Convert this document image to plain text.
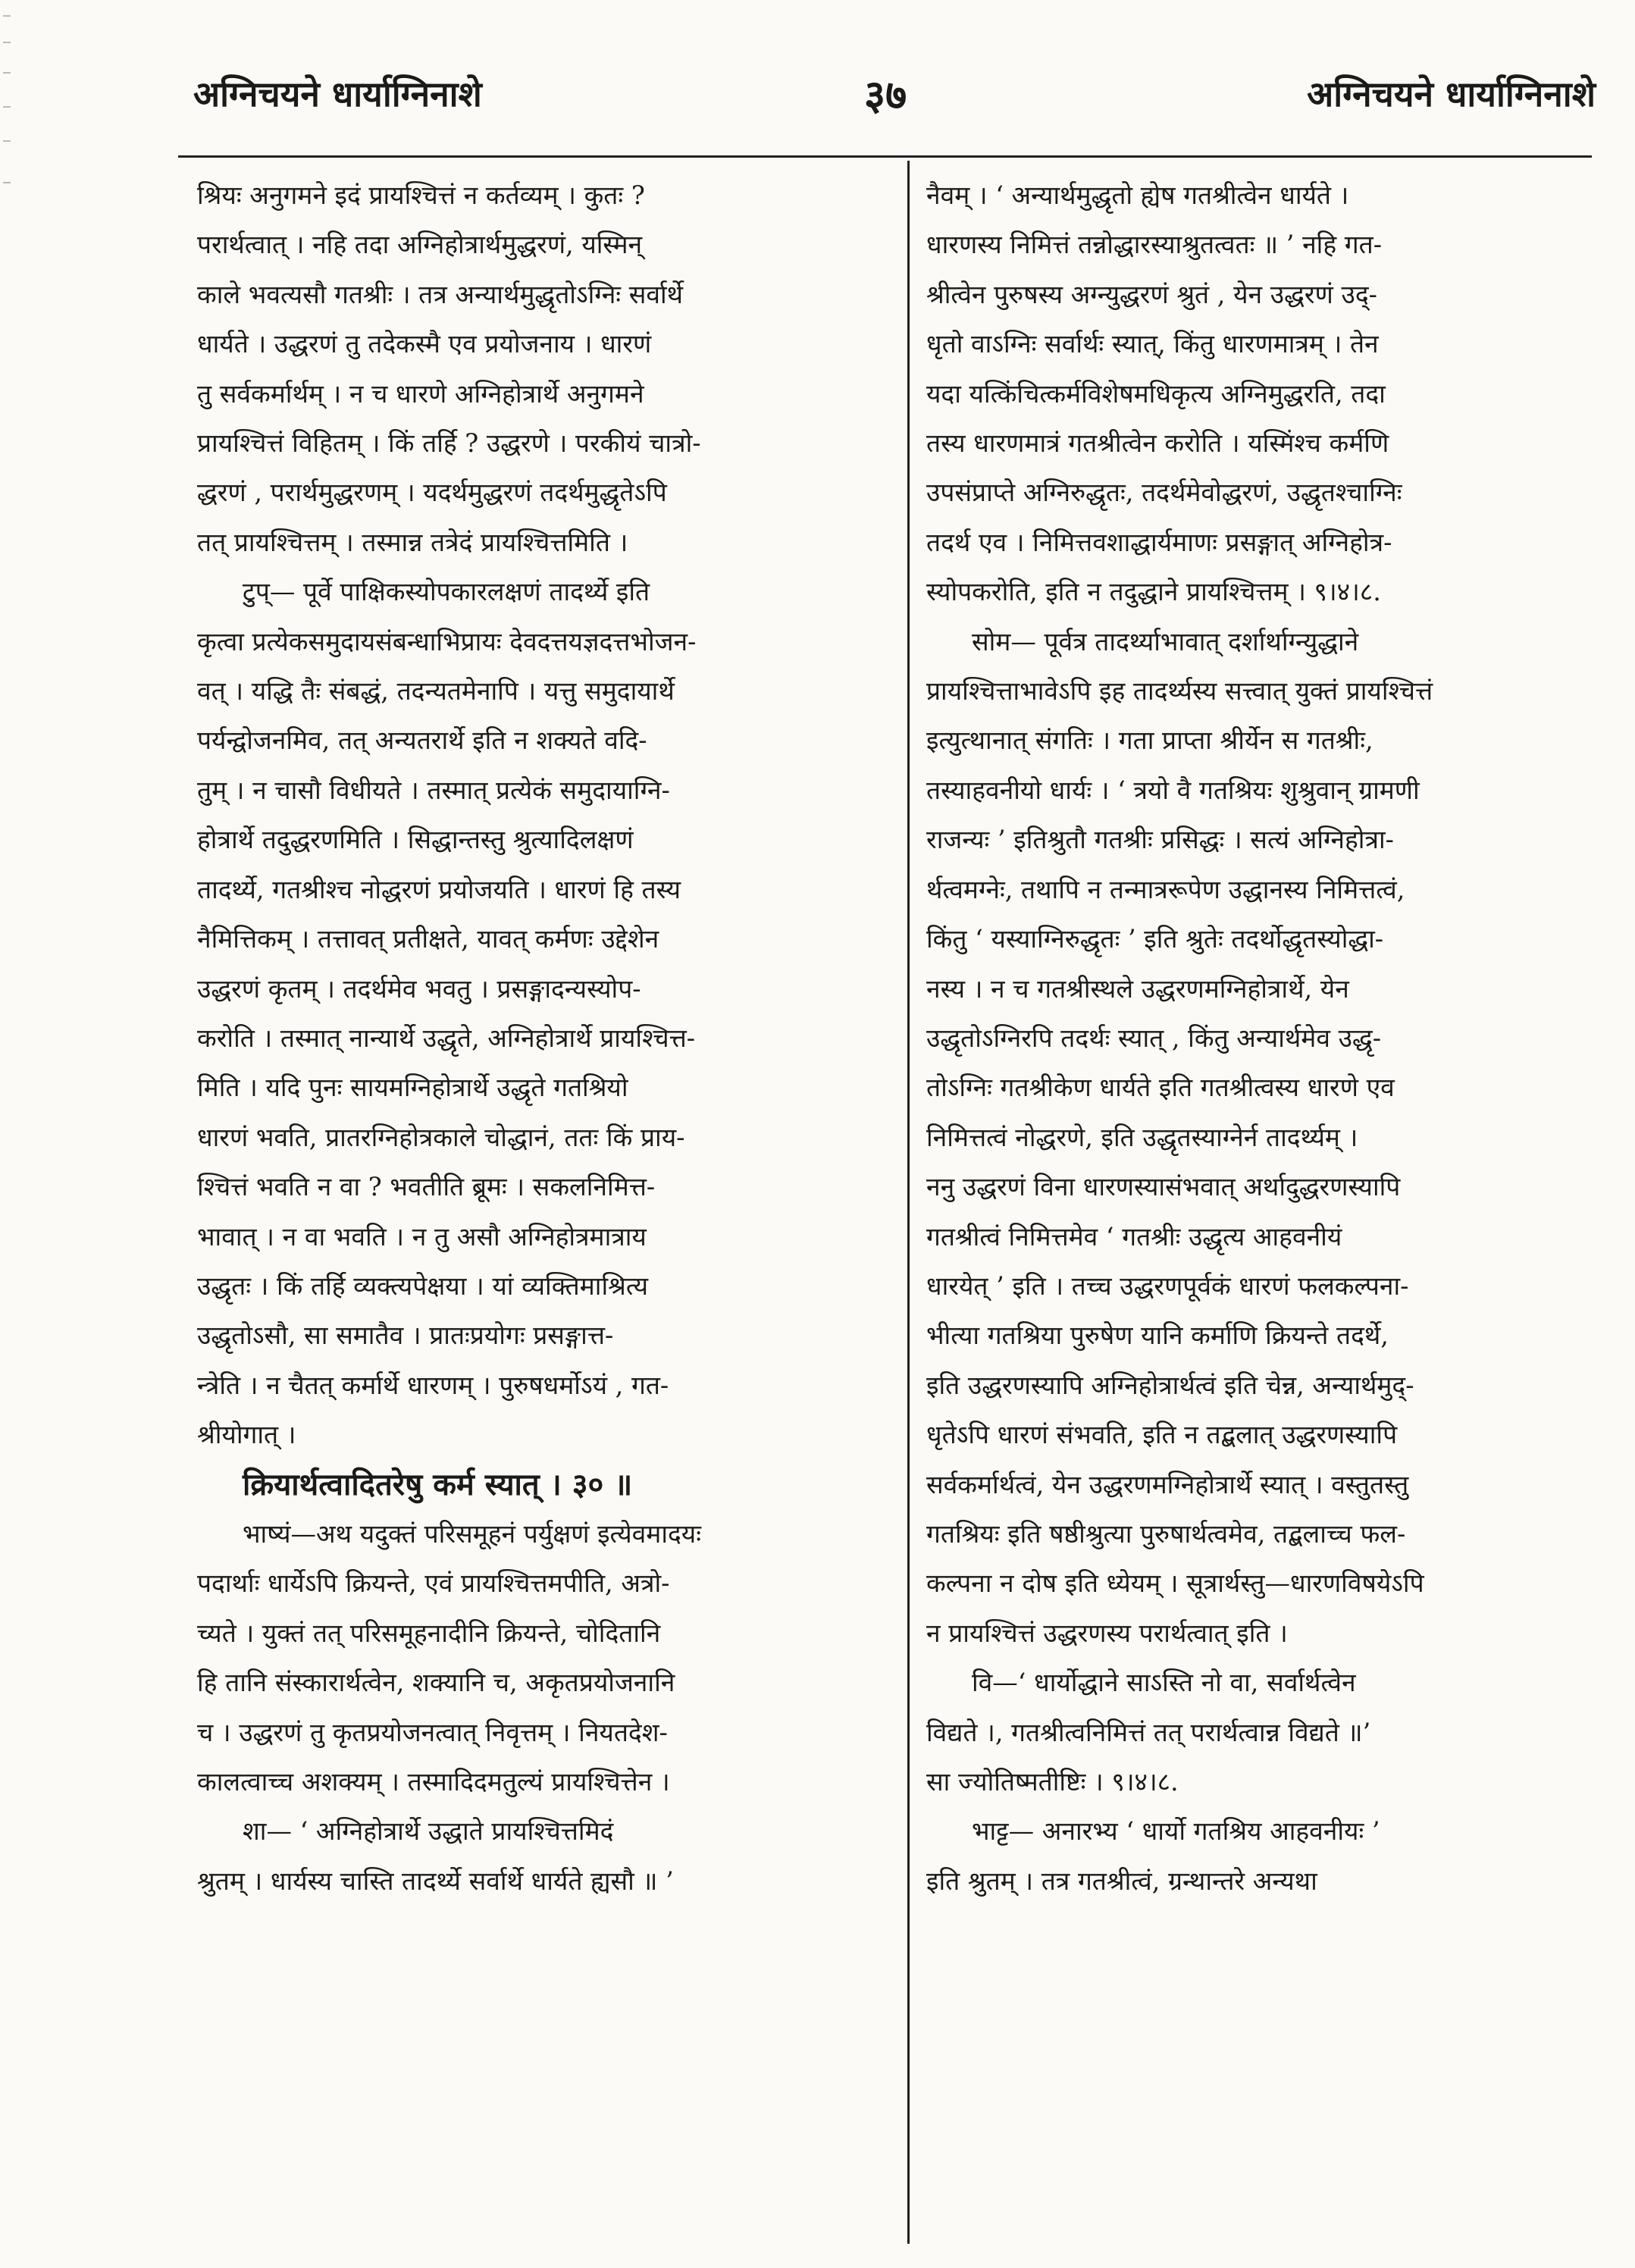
अग्निचयने धार्याग्निनाशे	३७	अग्निचयने धार्याग्निनाशे
श्रियः अनुगमने इदं प्रायश्चित्तं न कर्तव्यम् । कुतः ?
परार्थत्वात् । नहि तदा अग्निहोत्रार्थमुद्धरणं, यस्मिन्
काले भवत्यसौ गतश्रीः । तत्र अन्यार्थमुद्धृतोऽग्निः सर्वार्थे
धार्यते । उद्धरणं तु तदेकस्मै एव प्रयोजनाय । धारणं
तु सर्वकर्मार्थम् । न च धारणे अग्निहोत्रार्थे अनुगमने
प्रायश्चित्तं विहितम् । किं तर्हि ? उद्धरणे । परकीयं चात्रो-
द्धरणं , परार्थमुद्धरणम् । यदर्थमुद्धरणं तदर्थमुद्धृतेऽपि
तत् प्रायश्चित्तम् । तस्मान्न तत्रेदं प्रायश्चित्तमिति ।
टुप्— पूर्वे पाक्षिकस्योपकारलक्षणं तादर्थ्ये इति
कृत्वा प्रत्येकसमुदायसंबन्धाभिप्रायः देवदत्तयज्ञदत्तभोजन-
वत् । यद्धि तैः संबद्धं, तदन्यतमेनापि । यत्तु समुदायार्थे
पर्यन्द्वोजनमिव, तत् अन्यतरार्थे इति न शक्यते वदि-
तुम् । न चासौ विधीयते । तस्मात् प्रत्येकं समुदायाग्नि-
होत्रार्थे तदुद्धरणमिति । सिद्धान्तस्तु श्रुत्यादिलक्षणं
तादर्थ्ये, गतश्रीश्च नोद्धरणं प्रयोजयति । धारणं हि तस्य
नैमित्तिकम् । तत्तावत् प्रतीक्षते, यावत् कर्मणः उद्देशेन
उद्धरणं कृतम् । तदर्थमेव भवतु । प्रसङ्गादन्यस्योप-
करोति । तस्मात् नान्यार्थे उद्धृते, अग्निहोत्रार्थे प्रायश्चित्त-
मिति । यदि पुनः सायमग्निहोत्रार्थे उद्धृते गतश्रियो
धारणं भवति, प्रातरग्निहोत्रकाले चोद्धानं, ततः किं प्राय-
श्चित्तं भवति न वा ? भवतीति ब्रूमः । सकलनिमित्त-
भावात् । न वा भवति । न तु असौ अग्निहोत्रमात्राय
उद्धृतः । किं तर्हि व्यक्त्यपेक्षया । यां व्यक्तिमाश्रित्य
उद्धृतोऽसौ, सा समातैव । प्रातःप्रयोगः प्रसङ्गात्त-
न्त्रेति । न चैतत् कर्मार्थे धारणम् । पुरुषधर्मोऽयं , गत-
श्रीयोगात् ।
क्रियार्थत्वादितरेषु कर्म स्यात् । ३० ॥
भाष्यं—अथ यदुक्तं परिसमूहनं पर्युक्षणं इत्येवमादयः
पदार्थाः धार्येऽपि क्रियन्ते, एवं प्रायश्चित्तमपीति, अत्रो-
च्यते । युक्तं तत् परिसमूहनादीनि क्रियन्ते, चोदितानि
हि तानि संस्कारार्थत्वेन, शक्यानि च, अकृतप्रयोजनानि
च । उद्धरणं तु कृतप्रयोजनत्वात् निवृत्तम् । नियतदेश-
कालत्वाच्च अशक्यम् । तस्मादिदमतुल्यं प्रायश्चित्तेन ।
शा— ‘ अग्निहोत्रार्थे उद्धाते प्रायश्चित्तमिदं
श्रुतम् । धार्यस्य चास्ति तादर्थ्ये सर्वार्थे धार्यते ह्यसौ ॥ ’
नैवम् । ‘ अन्यार्थमुद्धृतो ह्येष गतश्रीत्वेन धार्यते ।
धारणस्य निमित्तं तन्नोद्धारस्याश्रुतत्वतः ॥ ’ नहि गत-
श्रीत्वेन पुरुषस्य अग्न्युद्धरणं श्रुतं , येन उद्धरणं उद्-
धृतो वाऽग्निः सर्वार्थः स्यात्, किंतु धारणमात्रम् । तेन
यदा यत्किंचित्कर्मविशेषमधिकृत्य अग्निमुद्धरति, तदा
तस्य धारणमात्रं गतश्रीत्वेन करोति । यस्मिंश्च कर्मणि
उपसंप्राप्ते अग्निरुद्धृतः, तदर्थमेवोद्धरणं, उद्धृतश्चाग्निः
तदर्थ एव । निमित्तवशाद्धार्यमाणः प्रसङ्गात् अग्निहोत्र-
स्योपकरोति, इति न तदुद्धाने प्रायश्चित्तम् । ९।४।८.
सोम— पूर्वत्र तादर्थ्याभावात् दर्शार्थाग्न्युद्धाने
प्रायश्चित्ताभावेऽपि इह तादर्थ्यस्य सत्त्वात् युक्तं प्रायश्चित्तं
इत्युत्थानात् संगतिः । गता प्राप्ता श्रीर्येन स गतश्रीः,
तस्याहवनीयो धार्यः । ‘ त्रयो वै गतश्रियः शुश्रुवान् ग्रामणी
राजन्यः ’ इतिश्रुतौ गतश्रीः प्रसिद्धः । सत्यं अग्निहोत्रा-
र्थत्वमग्नेः, तथापि न तन्मात्ररूपेण उद्धानस्य निमित्तत्वं,
किंतु ‘ यस्याग्निरुद्धृतः ’ इति श्रुतेः तदर्थोद्धृतस्योद्धा-
नस्य । न च गतश्रीस्थले उद्धरणमग्निहोत्रार्थे, येन
उद्धृतोऽग्निरपि तदर्थः स्यात् , किंतु अन्यार्थमेव उद्धृ-
तोऽग्निः गतश्रीकेण धार्यते इति गतश्रीत्वस्य धारणे एव
निमित्तत्वं नोद्धरणे, इति उद्धृतस्याग्नेर्न तादर्थ्यम् ।
ननु उद्धरणं विना धारणस्यासंभवात् अर्थादुद्धरणस्यापि
गतश्रीत्वं निमित्तमेव ‘ गतश्रीः उद्धृत्य आहवनीयं
धारयेत् ’ इति । तच्च उद्धरणपूर्वकं धारणं फलकल्पना-
भीत्या गतश्रिया पुरुषेण यानि कर्माणि क्रियन्ते तदर्थे,
इति उद्धरणस्यापि अग्निहोत्रार्थत्वं इति चेन्न, अन्यार्थमुद्-
धृतेऽपि धारणं संभवति, इति न तद्बलात् उद्धरणस्यापि
सर्वकर्मार्थत्वं, येन उद्धरणमग्निहोत्रार्थे स्यात् । वस्तुतस्तु
गतश्रियः इति षष्ठीश्रुत्या पुरुषार्थत्वमेव, तद्बलाच्च फल-
कल्पना न दोष इति ध्येयम् । सूत्रार्थस्तु—धारणविषयेऽपि
न प्रायश्चित्तं उद्धरणस्य परार्थत्वात् इति ।
वि—‘ धार्योद्धाने साऽस्ति नो वा, सर्वार्थत्वेन
विद्यते ।, गतश्रीत्वनिमित्तं तत् परार्थत्वान्न विद्यते ॥’
सा ज्योतिष्मतीष्टिः । ९।४।८.
भाट्ट— अनारभ्य ‘ धार्यो गतश्रिय आहवनीयः ’
इति श्रुतम् । तत्र गतश्रीत्वं, ग्रन्थान्तरे अन्यथा
